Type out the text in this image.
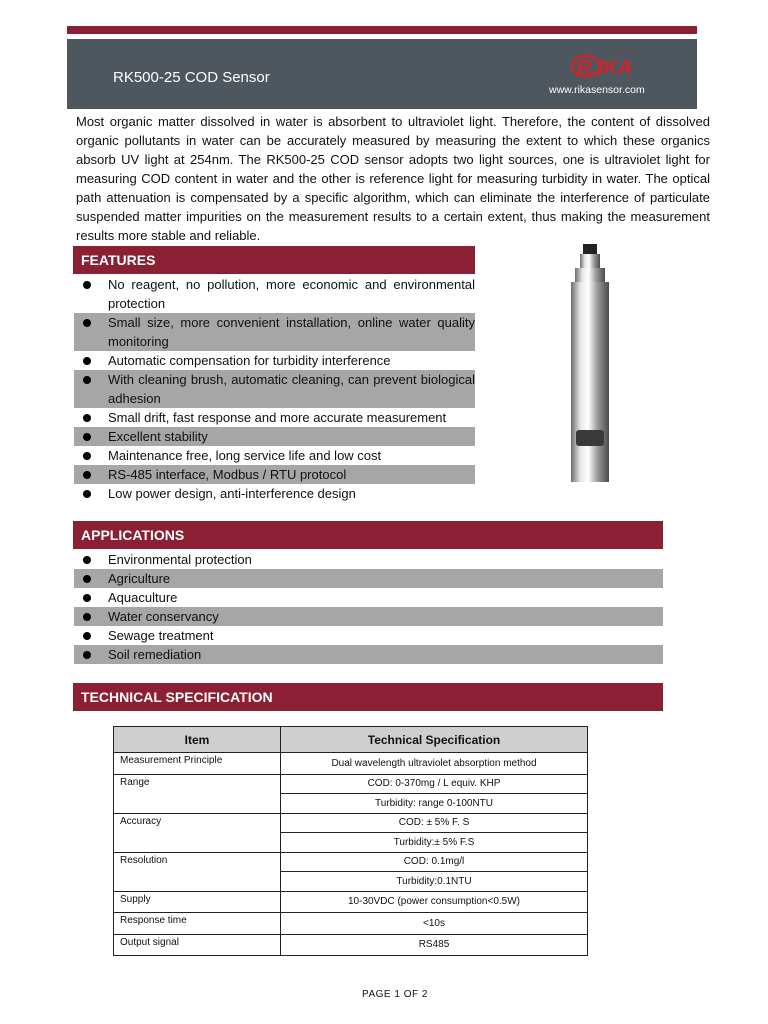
RK500-25 COD Sensor	R IKA
www.rikasensor.com
Most organic matter dissolved in water is absorbent to ultraviolet light. Therefore, the content of dissolved organic pollutants in water can be accurately measured by measuring the extent to which these organics absorb UV light at 254nm. The RK500-25 COD sensor adopts two light sources, one is ultraviolet light for measuring COD content in water and the other is reference light for measuring turbidity in water. The optical path attenuation is compensated by a specific algorithm, which can eliminate the interference of particulate suspended matter impurities on the measurement results to a certain extent, thus making the measurement results more stable and reliable.
FEATURES
No reagent, no pollution, more economic and environmental protection
Small size, more convenient installation, online water quality monitoring
Automatic compensation for turbidity interference
With cleaning brush, automatic cleaning, can prevent biological adhesion
Small drift, fast response and more accurate measurement
Excellent stability
Maintenance free, long service life and low cost
RS-485 interface, Modbus / RTU protocol
Low power design, anti-interference design
APPLICATIONS
Environmental protection
Agriculture
Aquaculture
Water conservancy
Sewage treatment
Soil remediation
TECHNICAL SPECIFICATION
Item	Technical Specification
Measurement Principle	Dual wavelength ultraviolet absorption method
Range	COD: 0-370mg / L equiv. KHP
	Turbidity: range 0-100NTU
Accuracy	COD: ± 5% F. S
	Turbidity:± 5% F.S
Resolution	COD: 0.1mg/l
	Turbidity:0.1NTU
Supply	10-30VDC (power consumption<0.5W)
Response time	<10s
Output signal	RS485
PAGE 1 OF 2
